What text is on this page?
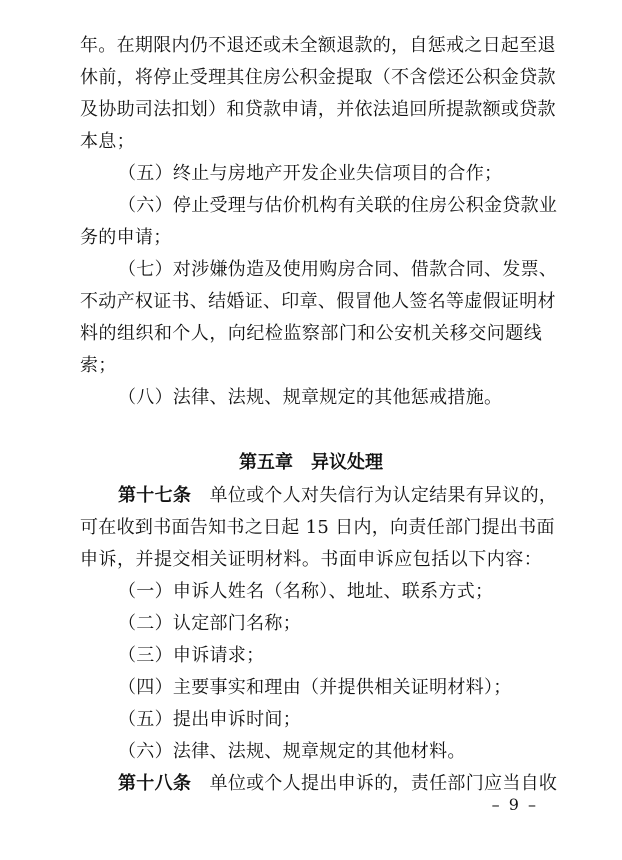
年。在期限内仍不退还或未全额退款的，自惩戒之日起至退
休前，将停止受理其住房公积金提取（不含偿还公积金贷款
及协助司法扣划）和贷款申请，并依法追回所提款额或贷款
本息；
（五）终止与房地产开发企业失信项目的合作；
（六）停止受理与估价机构有关联的住房公积金贷款业
务的申请；
（七）对涉嫌伪造及使用购房合同、借款合同、发票、
不动产权证书、结婚证、印章、假冒他人签名等虚假证明材
料的组织和个人，向纪检监察部门和公安机关移交问题线
索；
（八）法律、法规、规章规定的其他惩戒措施。
第五章　异议处理
第十七条　 单位或个人对失信行为认定结果有异议的，
可在收到书面告知书之日起 15 日内，向责任部门提出书面
申诉，并提交相关证明材料。书面申诉应包括以下内容：
（一）申诉人姓名（名称）、地址、联系方式；
（二）认定部门名称；
（三）申诉请求；
（四）主要事实和理由（并提供相关证明材料）；
（五）提出申诉时间；
（六）法律、法规、规章规定的其他材料。
第十八条　 单位或个人提出申诉的，责任部门应当自收
– 9 –
